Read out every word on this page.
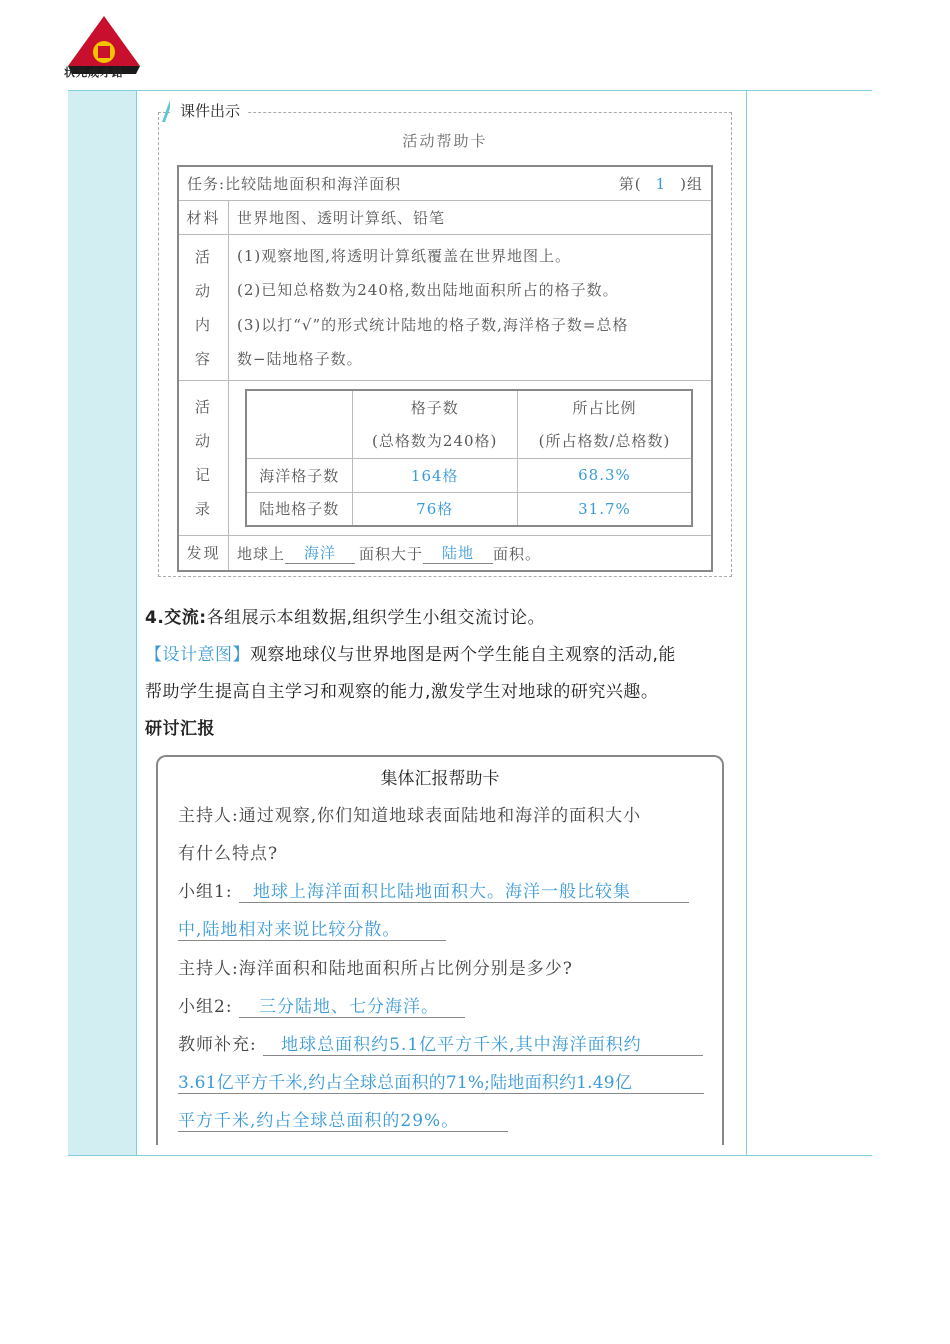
状元成才路
课件出示
活动帮助卡
任务: 比较陆地面积和海洋面积	第( 1 )组
材料	世界地图、透明计算纸、铅笔
活动内容
(1)观察地图,将透明计算纸覆盖在世界地图上。
(2)已知总格数为240格,数出陆地面积所占的格子数。
(3)以打“√”的形式统计陆地的格子数,海洋格子数=总格
数−陆地格子数。
活动记录
	格子数	所占比例
	(总格数为240格)	(所占格数/总格数)
海洋格子数	164格	68.3%
陆地格子数	76格	31.7%
发现	地球上	海洋	面积大于	陆地	面积。
4.交流:各组展示本组数据,组织学生小组交流讨论。
【设计意图】观察地球仪与世界地图是两个学生能自主观察的活动,能
帮助学生提高自主学习和观察的能力,激发学生对地球的研究兴趣。
研讨汇报
集体汇报帮助卡
主持人:通过观察,你们知道地球表面陆地和海洋的面积大小
有什么特点?
小组1: 地球上海洋面积比陆地面积大。海洋一般比较集
中,陆地相对来说比较分散。
主持人:海洋面积和陆地面积所占比例分别是多少?
小组2: 三分陆地、七分海洋。
教师补充: 地球总面积约5.1亿平方千米,其中海洋面积约
3.61亿平方千米,约占全球总面积的71%;陆地面积约1.49亿
平方千米,约占全球总面积的29%。
